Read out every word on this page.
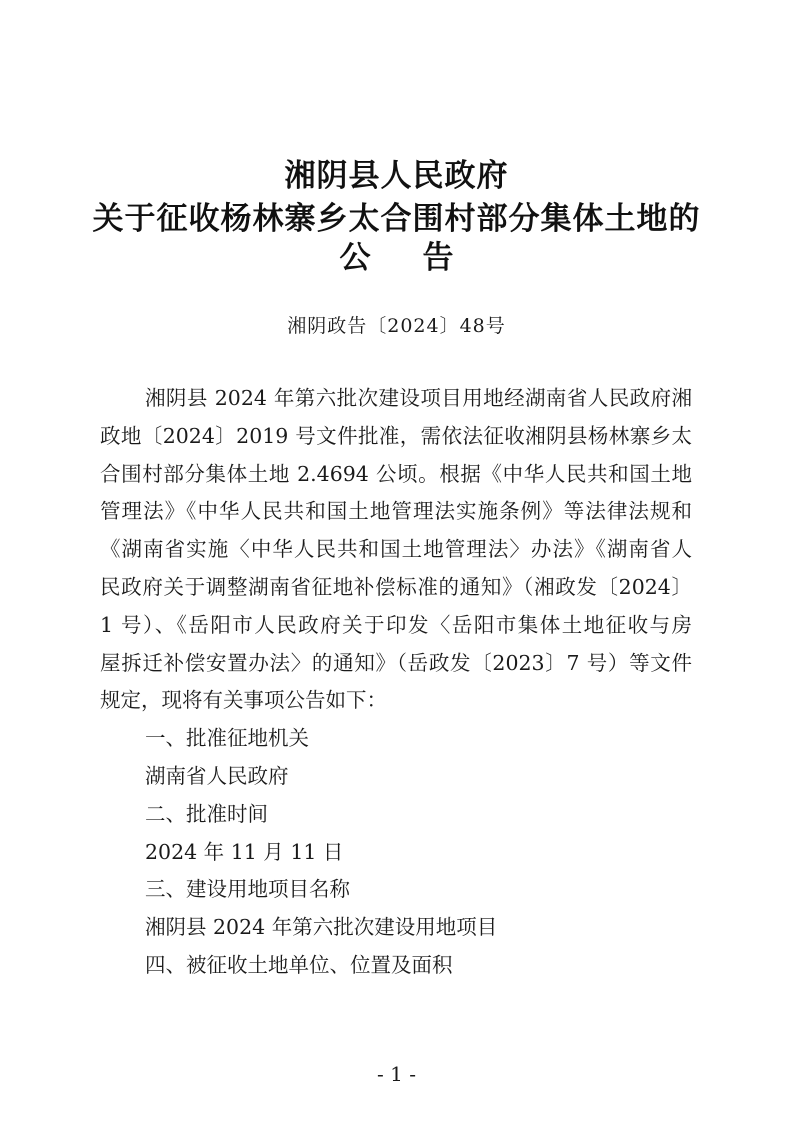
湘阴县人民政府
关于征收杨林寨乡太合围村部分集体土地的
公告
湘阴政告〔2024〕48号
湘阴县 2024 年第六批次建设项目用地经湖南省人民政府湘
政地〔2024〕2019 号文件批准，需依法征收湘阴县杨林寨乡太
合围村部分集体土地 2.4694 公顷。根据《中华人民共和国土地
管理法》《中华人民共和国土地管理法实施条例》等法律法规和
《湖南省实施〈中华人民共和国土地管理法〉办法》《湖南省人
民政府关于调整湖南省征地补偿标准的通知》（湘政发〔2024〕
1 号）、《岳阳市人民政府关于印发〈岳阳市集体土地征收与房
屋拆迁补偿安置办法〉的通知》（岳政发〔2023〕7 号）等文件
规定，现将有关事项公告如下：
一、批准征地机关
湖南省人民政府
二、批准时间
2024 年 11 月 11 日
三、建设用地项目名称
湘阴县 2024 年第六批次建设用地项目
四、被征收土地单位、位置及面积
- 1 -
